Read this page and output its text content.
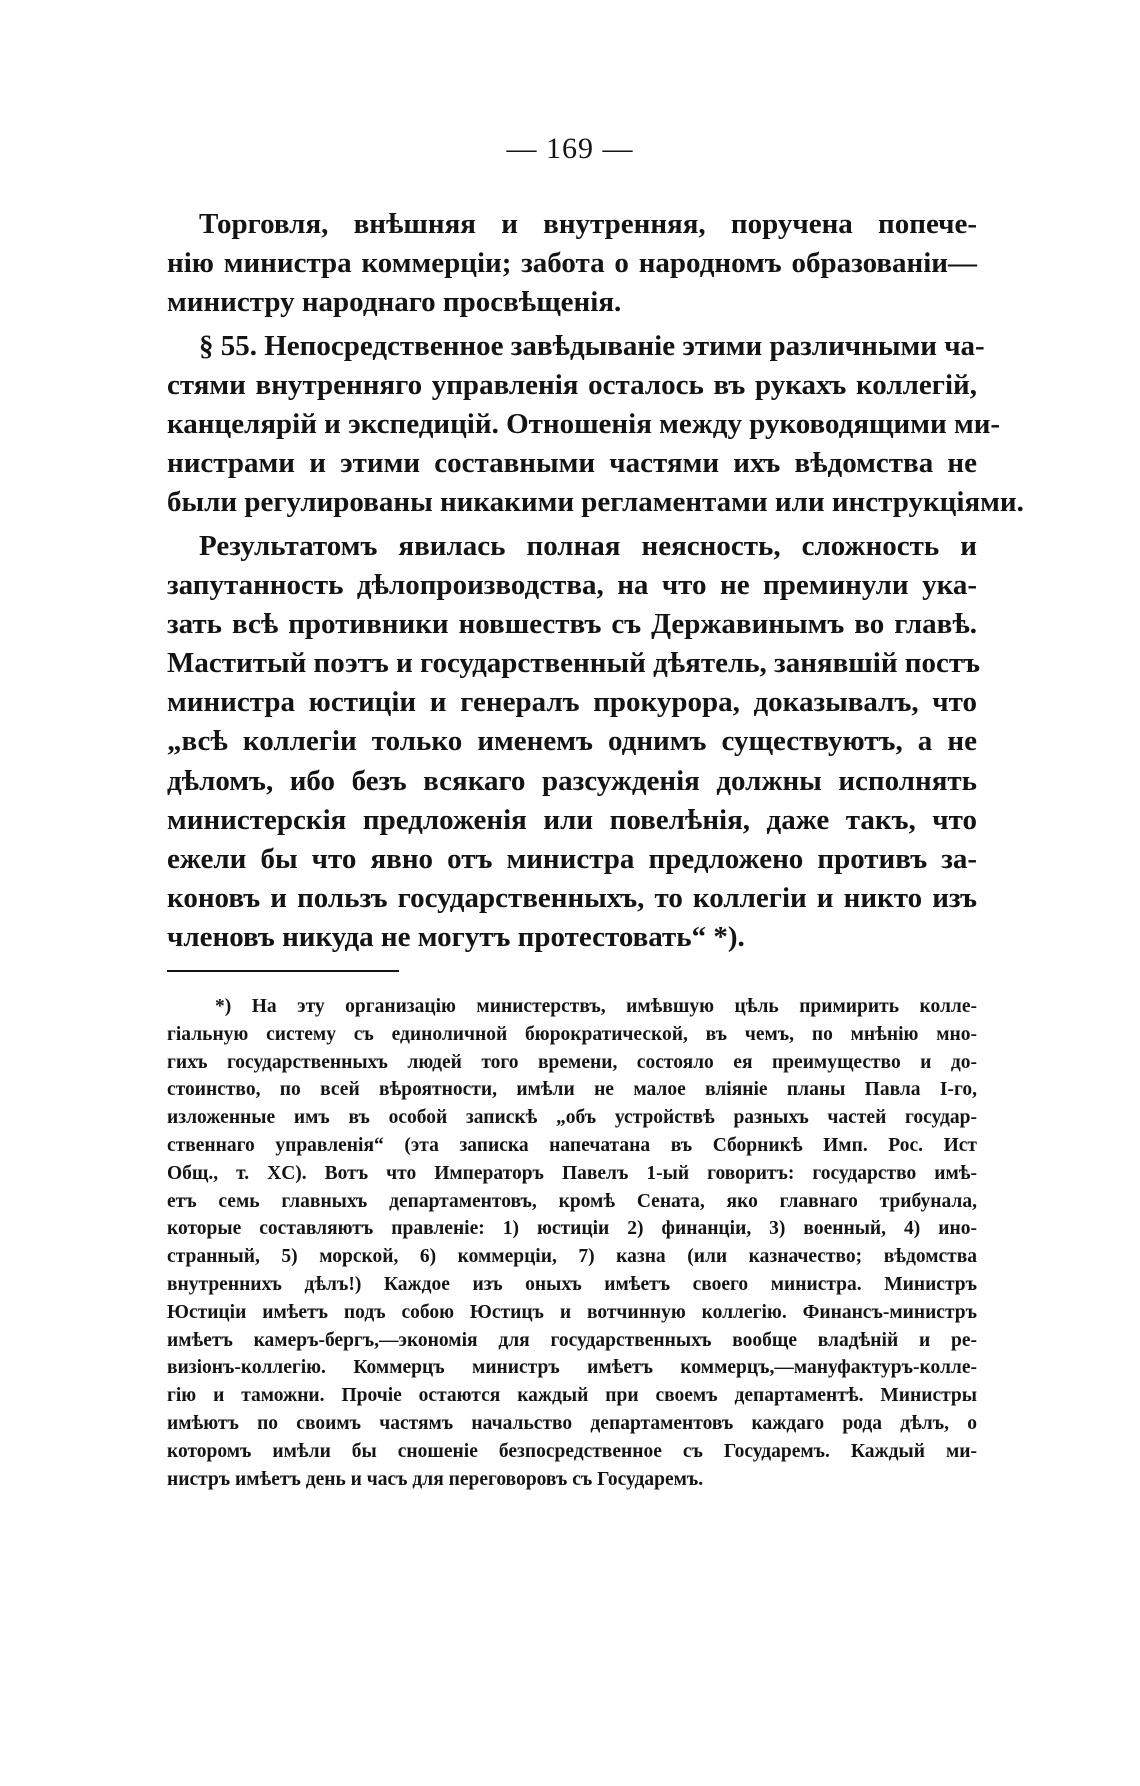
— 169 —
Торговля, внѣшняя и внутренняя, поручена попече-
нію министра коммерціи; забота о народномъ образованіи—
министру народнаго просвѣщенія.
§ 55. Непосредственное завѣдываніе этими различными ча-
стями внутренняго управленія осталось въ рукахъ коллегій,
канцелярій и экспедицій. Отношенія между руководящими ми-
нистрами и этими составными частями ихъ вѣдомства не
были регулированы никакими регламентами или инструкціями.
Результатомъ явилась полная неясность, сложность и
запутанность дѣлопроизводства, на что не преминули ука-
зать всѣ противники новшествъ съ Державинымъ во главѣ.
Маститый поэтъ и государственный дѣятель, занявшій постъ
министра юстиціи и генералъ прокурора, доказывалъ, что
„всѣ коллегіи только именемъ однимъ существуютъ, а не
дѣломъ, ибо безъ всякаго разсужденія должны исполнять
министерскія предложенія или повелѣнія, даже такъ, что
ежели бы что явно отъ министра предложено противъ за-
коновъ и пользъ государственныхъ, то коллегіи и никто изъ
членовъ никуда не могутъ протестовать“ *).
*) На эту организацію министерствъ, имѣвшую цѣль примирить колле-
гіальную систему съ единоличной бюрократической, въ чемъ, по мнѣнію мно-
гихъ государственныхъ людей того времени, состояло ея преимущество и до-
стоинство, по всей вѣроятности, имѣли не малое вліяніе планы Павла I-го,
изложенные имъ въ особой запискѣ „объ устройствѣ разныхъ частей государ-
ственнаго управленія“ (эта записка напечатана въ Сборникѣ Имп. Рос. Ист
Общ., т. XC). Вотъ что Императоръ Павелъ 1-ый говоритъ: государство имѣ-
етъ семь главныхъ департаментовъ, кромѣ Сената, яко главнаго трибунала,
которые составляютъ правленіе: 1) юстиціи 2) финанціи, 3) военный, 4) ино-
странный, 5) морской, 6) коммерціи, 7) казна (или казначество; вѣдомства
внутреннихъ дѣлъ!) Каждое изъ оныхъ имѣетъ своего министра. Министръ
Юстиціи имѣетъ подъ собою Юстицъ и вотчинную коллегію. Финансъ-министръ
имѣетъ камеръ-бергъ,—экономія для государственныхъ вообще владѣній и ре-
визіонъ-коллегію. Коммерцъ министръ имѣетъ коммерцъ,—мануфактуръ-колле-
гію и таможни. Прочіе остаются каждый при своемъ департаментѣ. Министры
имѣютъ по своимъ частямъ начальство департаментовъ каждаго рода дѣлъ, о
которомъ имѣли бы сношеніе безпосредственное съ Государемъ. Каждый ми-
нистръ имѣетъ день и часъ для переговоровъ съ Государемъ.
